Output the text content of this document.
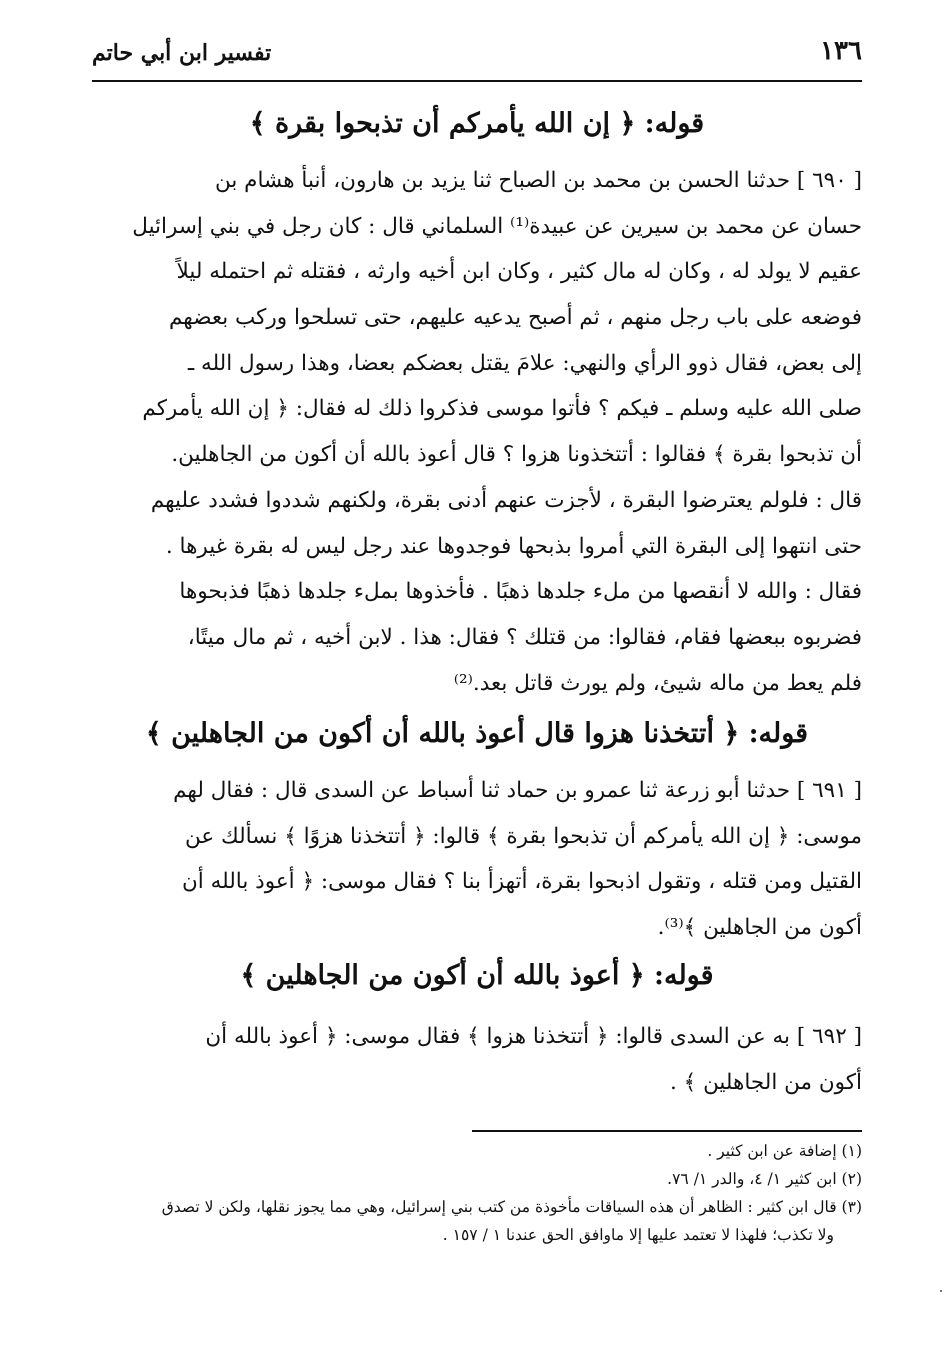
١٣٦
تفسير ابن أبي حاتم
قوله: ﴿ إن الله يأمركم أن تذبحوا بقرة ﴾
[ ٦٩٠ ] حدثنا الحسن بن محمد بن الصباح ثنا يزيد بن هارون، أنبأ هشام بن
حسان عن محمد بن سيرين عن عبيدة⁽¹⁾ السلماني قال : كان رجل في بني إسرائيل
عقيم لا يولد له ، وكان له مال كثير ، وكان ابن أخيه وارثه ، فقتله ثم احتمله ليلاً
فوضعه على باب رجل منهم ، ثم أصبح يدعيه عليهم، حتى تسلحوا وركب بعضهم
إلى بعض، فقال ذوو الرأي والنهي: علامَ يقتل بعضكم بعضا، وهذا رسول الله ـ
صلى الله عليه وسلم ـ فيكم ؟ فأتوا موسى فذكروا ذلك له فقال: ﴿ إن الله يأمركم
أن تذبحوا بقرة ﴾ فقالوا : أتتخذونا هزوا ؟ قال أعوذ بالله أن أكون من الجاهلين.
قال : فلولم يعترضوا البقرة ، لأجزت عنهم أدنى بقرة، ولكنهم شددوا فشدد عليهم
حتى انتهوا إلى البقرة التي أمروا بذبحها فوجدوها عند رجل ليس له بقرة غيرها .
فقال : والله لا أنقصها من ملء جلدها ذهبًا . فأخذوها بملء جلدها ذهبًا فذبحوها
فضربوه ببعضها فقام، فقالوا: من قتلك ؟ فقال: هذا . لابن أخيه ، ثم مال ميتًا،
فلم يعط من ماله شيئ، ولم يورث قاتل بعد.⁽²⁾
قوله: ﴿ أتتخذنا هزوا قال أعوذ بالله أن أكون من الجاهلين ﴾
[ ٦٩١ ] حدثنا أبو زرعة ثنا عمرو بن حماد ثنا أسباط عن السدى قال : فقال لهم
موسى: ﴿ إن الله يأمركم أن تذبحوا بقرة ﴾ قالوا: ﴿ أتتخذنا هزوًا ﴾ نسألك عن
القتيل ومن قتله ، وتقول اذبحوا بقرة، أتهزأ بنا ؟ فقال موسى: ﴿ أعوذ بالله أن
أكون من الجاهلين ﴾⁽³⁾.
قوله: ﴿ أعوذ بالله أن أكون من الجاهلين ﴾
[ ٦٩٢ ] به عن السدى قالوا: ﴿ أتتخذنا هزوا ﴾ فقال موسى: ﴿ أعوذ بالله أن
أكون من الجاهلين ﴾ .
(١) إضافة عن ابن كثير .
(٢) ابن كثير ١/ ٤، والدر ١/ ٧٦.
(٣) قال ابن كثير : الظاهر أن هذه السياقات مأخوذة من كتب بني إسرائيل، وهي مما يجوز نقلها، ولكن لا تصدق
ولا تكذب؛ فلهذا لا تعتمد عليها إلا ماوافق الحق عندنا ١ / ١٥٧ .
